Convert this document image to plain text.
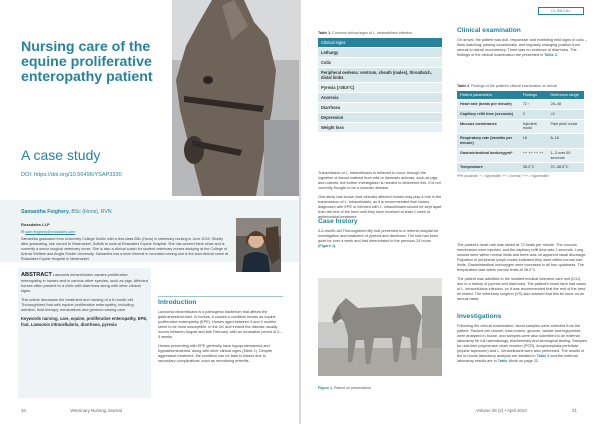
Nursing care of the equine proliferative enteropathy patient
A case study
DOI: https://doi.org/10.56496/YSAP3330
Samantha Feighery, BSc (Hons), RVN
Rossdales LLP
✉ sam.feighery@rossdales.com
Samantha graduated from University College Dublin with a first-class BSc (Hons) in veterinary nursing in June 2015. Shortly after graduating, she moved to Newmarket, Suffolk to work at Rossdales Equine Hospital. She has worked there since and is currently a senior surgical veterinary nurse. She is also a clinical coach for student veterinary nurses studying at the College of Animal Welfare and Anglia Ruskin University. Samantha has a keen interest in neonatal nursing and is the lead clinical nurse at Rossdales Equine Hospital in Newmarket.

ABSTRACT Lawsonia intracellularis causes proliferative enteropathy in horses and in various other species, such as pigs. Affected horses often present to a clinic with diarrhoea along with other clinical signs.

This article discusses the treatment and nursing of a 6-month-old Thoroughbred foal with equine proliferative enteropathy, including nutrition, fluid therapy, medications and general nursing care.

Keywords nursing, care, equine, proliferative enteropathy, EPE, foal, Lawsonia intracellularis, diarrhoea, pyrexia

Introduction

Lawsonia intracellularis is a pathogenic bacterium that affects the gastrointestinal tract. In horses, it causes a condition known as equine proliferative enteropathy (EPE). Horses aged between 4 and 9 months seem to be most susceptible. In the UK and Ireland the disease usually occurs between August and late February, with an incubation period of 2–3 weeks.

Horses presenting with EPE generally have hypoproteinaemia and hypoalbuminaemia, along with other clinical signs (Table 1). Despite aggressive treatment, the condition can be fatal in horses due to secondary complications, such as necrotising enteritis.

20	Veterinary Nursing Journal
CLINICAL
Table 1. Common clinical signs of L. intracellularis infection
Clinical signs
Lethargy
Colic
Peripheral oedema: ventrum, sheath (males), throatlatch, distal limbs
Pyrexia (>38.5°C)
Anorexia
Diarrhoea
Depression
Weight loss

Transmission of L. intracellularis is believed to occur through the ingestion of faecal material from wild or domestic animals, such as pigs and rodents, but further investigation is needed to determine this. It is not currently thought to be a zoonotic disease.

One study has shown that clinically affected horses may play a role in the transmission of L. intracellularis, as it is recommended that horses diagnosed with EPE or infected with L. intracellularis should be kept apart from the rest of the herd until they have received at least 1 week of antimicrobial treatment.

Case history

A 6-month-old Thoroughbred filly foal presented to a referral hospital for investigation and treatment of pyrexia and diarrhoea. The foal had been quiet for over a week and had deteriorated in the previous 24 hours (Figure 1).

Figure 1. Patient on presentation
Clinical examination

On arrival, the patient was dull, responsive and exhibiting mild signs of colic – flank watching, pawing occasionally, and regularly changing position from sternal to lateral recumbency. There was no evidence of diarrhoea. The findings of the clinical examination are presented in Table 2.

Table 2. Findings of the patient's clinical examination on arrival
Patient parameters	Findings	Reference range
Heart rate (beats per minute)	72 ↑	28–48
Capillary refill time (seconds)	2	<2
Mucous membranes	Injected/ moist	Pale pink/ moist
Respiratory rate (breaths per minute)	16	8–16
Gastrointestinal borborygmi*	++ ++ ++ ++	1–3 over 60 seconds
Temperature	38.2°C	37–38.5°C
*Per quadrant: + = hypomotile; ++ = normal; +++ = hypermotile

The patient's heart rate was raised at 72 beats per minute. The mucous membranes were injected, and the capillary refill time was 2 seconds. Lung sounds were within normal limits and there was no apparent nasal discharge. Palpation of peripheral lymph nodes indicated they were within normal size limits. Gastrointestinal borborygmi were increased in all four quadrants. The temperature was within normal limits at 38.2°C.

The patient was admitted to the isolated medical intensive care unit (ICU), due to a history of pyrexia and diarrhoea. The patient's home farm had cases of L. intracellularis infection, so it was recommended that the rest of the herd be tested. The veterinary surgeon (VS) also advised that this be done on an annual basis.

Investigations

Following the clinical examination, blood samples were collected from the patient. Packed cell volume, total protein, glucose, lactate and triglyceride were analysed in-house, and samples were also submitted to an external laboratory for full haematology, biochemistry and serological testing. Samples for real-time polymerase chain reaction (PCR), Anoplocephala perfoliata (equine tapeworm) and L. intracellularis were also performed. The results of the in-house laboratory analysis are detailed in Table 3 and the external laboratory results are in Table 4both on page 22.

Volume 39 (2) • April 2024	21
